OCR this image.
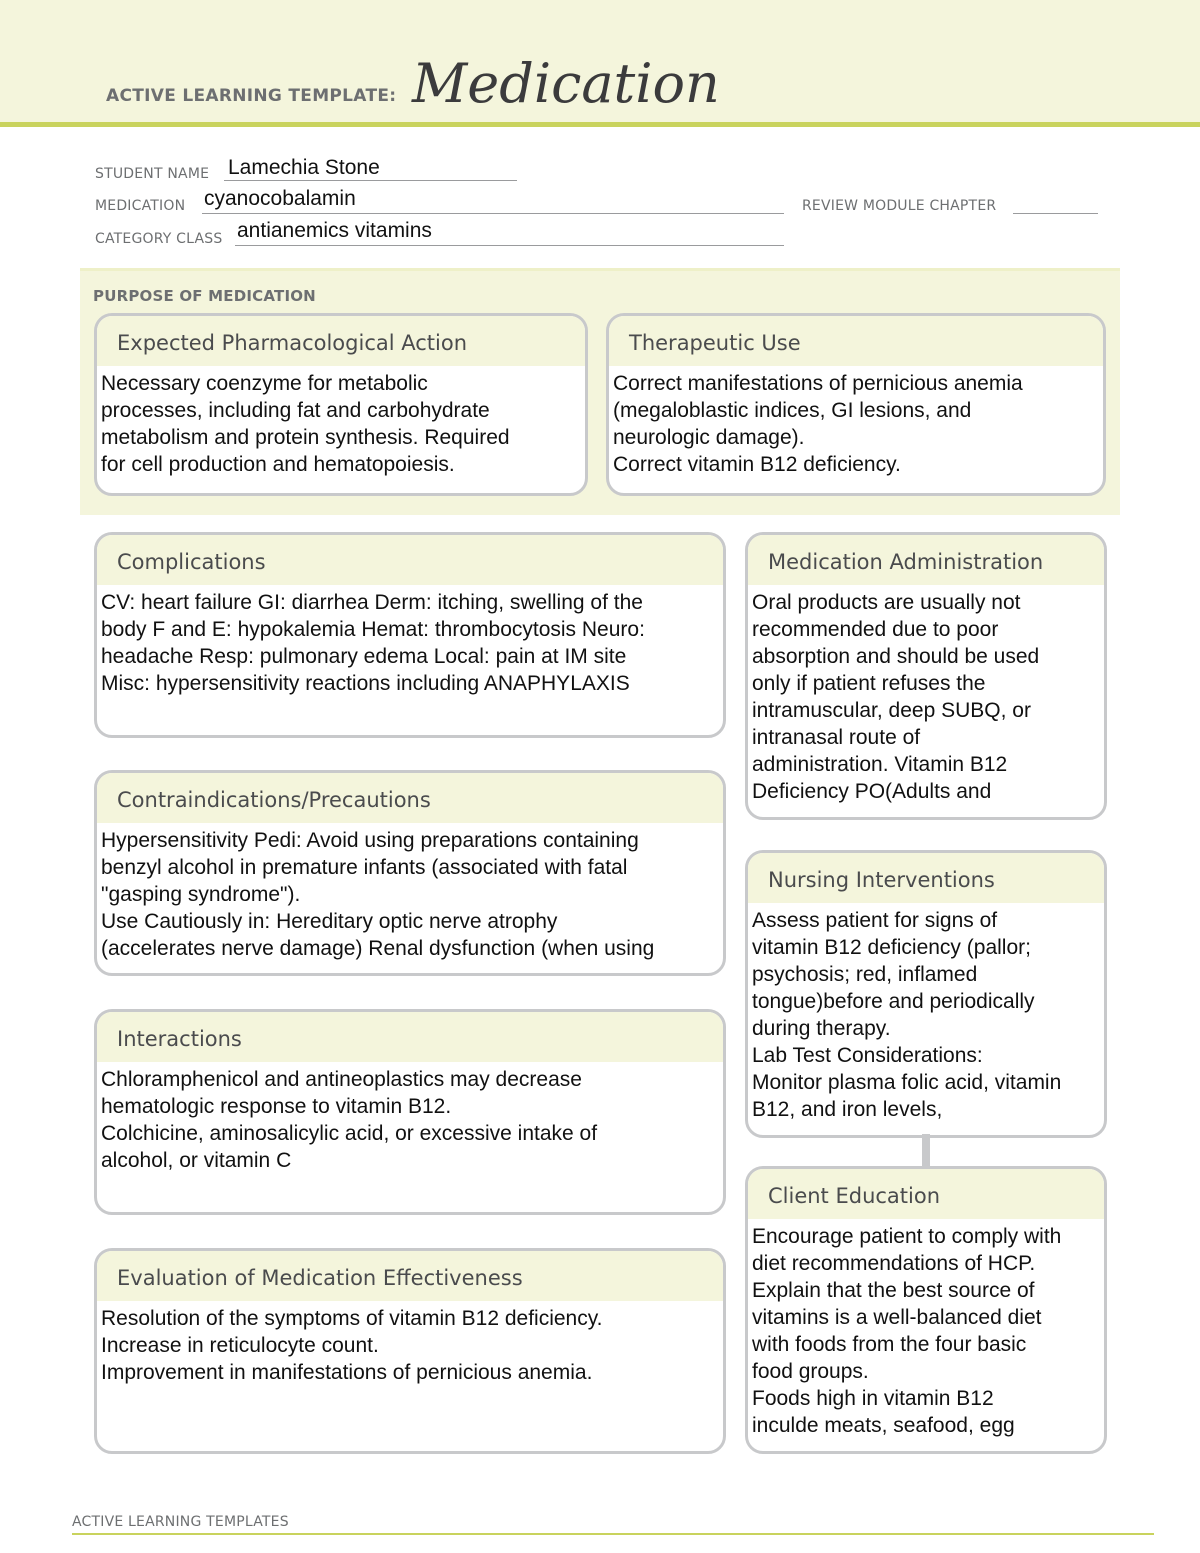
ACTIVE LEARNING TEMPLATE: Medication
STUDENT NAME Lamechia Stone
MEDICATION cyanocobalamin	REVIEW MODULE CHAPTER
CATEGORY CLASS antianemics vitamins
PURPOSE OF MEDICATION
Expected Pharmacological Action
Necessary coenzyme for metabolic
processes, including fat and carbohydrate
metabolism and protein synthesis. Required
for cell production and hematopoiesis.
Therapeutic Use
Correct manifestations of pernicious anemia
(megaloblastic indices, GI lesions, and
neurologic damage).
Correct vitamin B12 deficiency.
Complications
CV: heart failure GI: diarrhea Derm: itching, swelling of the
body F and E: hypokalemia Hemat: thrombocytosis Neuro:
headache Resp: pulmonary edema Local: pain at IM site
Misc: hypersensitivity reactions including ANAPHYLAXIS
Contraindications/Precautions
Hypersensitivity Pedi: Avoid using preparations containing
benzyl alcohol in premature infants (associated with fatal
"gasping syndrome").
Use Cautiously in: Hereditary optic nerve atrophy
(accelerates nerve damage) Renal dysfunction (when using
Interactions
Chloramphenicol and antineoplastics may decrease
hematologic response to vitamin B12.
Colchicine, aminosalicylic acid, or excessive intake of
alcohol, or vitamin C
Evaluation of Medication Effectiveness
Resolution of the symptoms of vitamin B12 deficiency.
Increase in reticulocyte count.
Improvement in manifestations of pernicious anemia.
Medication Administration
Oral products are usually not
recommended due to poor
absorption and should be used
only if patient refuses the
intramuscular, deep SUBQ, or
intranasal route of
administration. Vitamin B12
Deficiency PO(Adults and
Nursing Interventions
Assess patient for signs of
vitamin B12 deficiency (pallor;
psychosis; red, inflamed
tongue)before and periodically
during therapy.
Lab Test Considerations:
Monitor plasma folic acid, vitamin
B12, and iron levels,
Client Education
Encourage patient to comply with
diet recommendations of HCP.
Explain that the best source of
vitamins is a well-balanced diet
with foods from the four basic
food groups.
Foods high in vitamin B12
inculde meats, seafood, egg
ACTIVE LEARNING TEMPLATES
